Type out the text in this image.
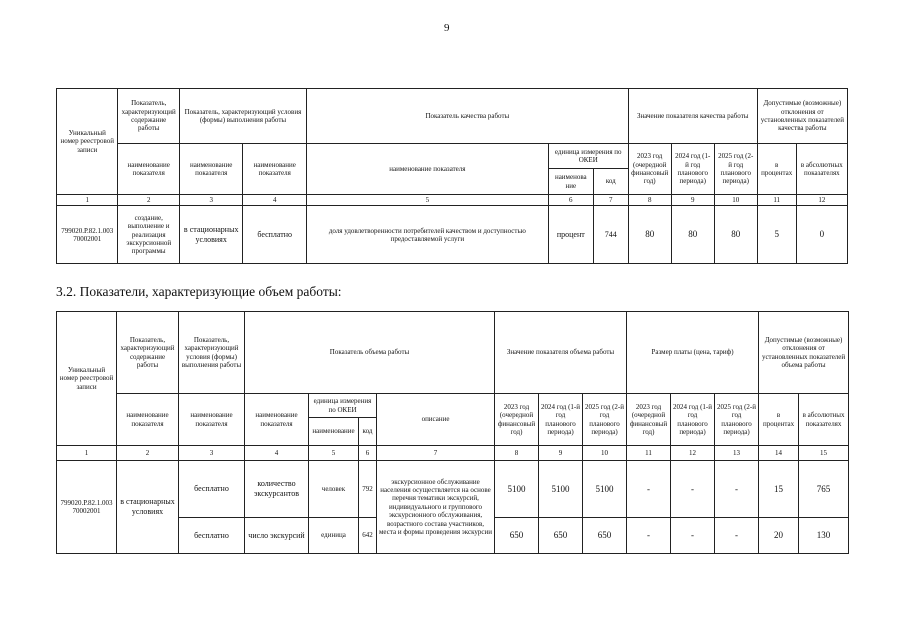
9
Уникальный номер реестровой записи	Показатель, характеризующий содержание работы	Показатель, характеризующий условия (формы) выполнения работы		Показатель качества работы			Значение показателя качества работы			Допустимые (возможные) отклонения от установленных показателей качества работы	
	наименование показателя	наименование показателя	наименование показателя	наименование показателя	единица измерения по ОКЕИ		2023 год (очередной финансовый год)	2024 год (1-й год планового периода)	2025 год (2-й год планового периода)	в процентах	в абсолютных показателях
					наименова ние	код					
1	2	3	4	5	6	7	8	9	10	11	12
799020.Р.82.1.003 70002001	создание, выполнение и реализация экскурсионной программы	в стационарных условиях	бесплатно	доля удовлетворенности потребителей качеством и доступностью предоставляемой услуги	процент	744	80	80	80	5	0
3.2. Показатели, характеризующие объем работы:
Уникальный номер реестровой записи	Показатель, характеризующий содержание работы	Показатель, характеризующий условия (формы) выполнения работы	Показатель объема работы				Значение показателя объема работы			Размер платы (цена, тариф)			Допустимые (возможные) отклонения от установленных показателей объема работы	
	наименование показателя	наименование показателя	наименование показателя	единица измерения по ОКЕИ		описание	2023 год (очередной финансовый год)	2024 год (1-й год планового периода)	2025 год (2-й год планового периода)	2023 год (очередной финансовый год)	2024 год (1-й год планового периода)	2025 год (2-й год планового периода)	в процентах	в абсолютных показателях
				наименование	код									
1	2	3	4	5	6	7	8	9	10	11	12	13	14	15
799020.Р.82.1.003 70002001	в стационарных условиях	бесплатно	количество экскурсантов	человек	792	экскурсионное обслуживание населения осуществляется на основе перечня тематики экскурсий, индивидуального и группового экскурсионного обслуживания, возрастного состава участников, места и формы проведения экскурсии	5100	5100	5100	-	-	-	15	765
		бесплатно	число экскурсий	единица	642		650	650	650	-	-	-	20	130
